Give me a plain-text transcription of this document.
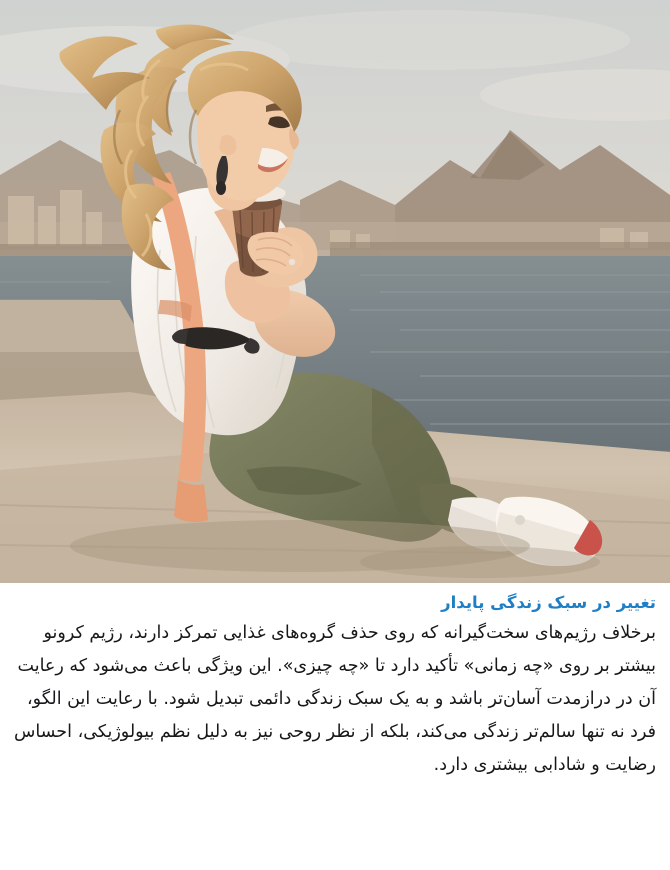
تغییر در سبک زندگی پایدار

برخلاف رژیم‌های سخت‌گیرانه که روی حذف گروه‌های غذایی تمرکز دارند، رژیم کرونو بیشتر بر روی «چه زمانی» تأکید دارد تا «چه چیزی». این ویژگی باعث می‌شود که رعایت آن در درازمدت آسان‌تر باشد و به یک سبک زندگی دائمی تبدیل شود. با رعایت این الگو، فرد نه تنها سالم‌تر زندگی می‌کند، بلکه از نظر روحی نیز به دلیل نظم بیولوژیکی، احساس رضایت و شادابی بیشتری دارد.
